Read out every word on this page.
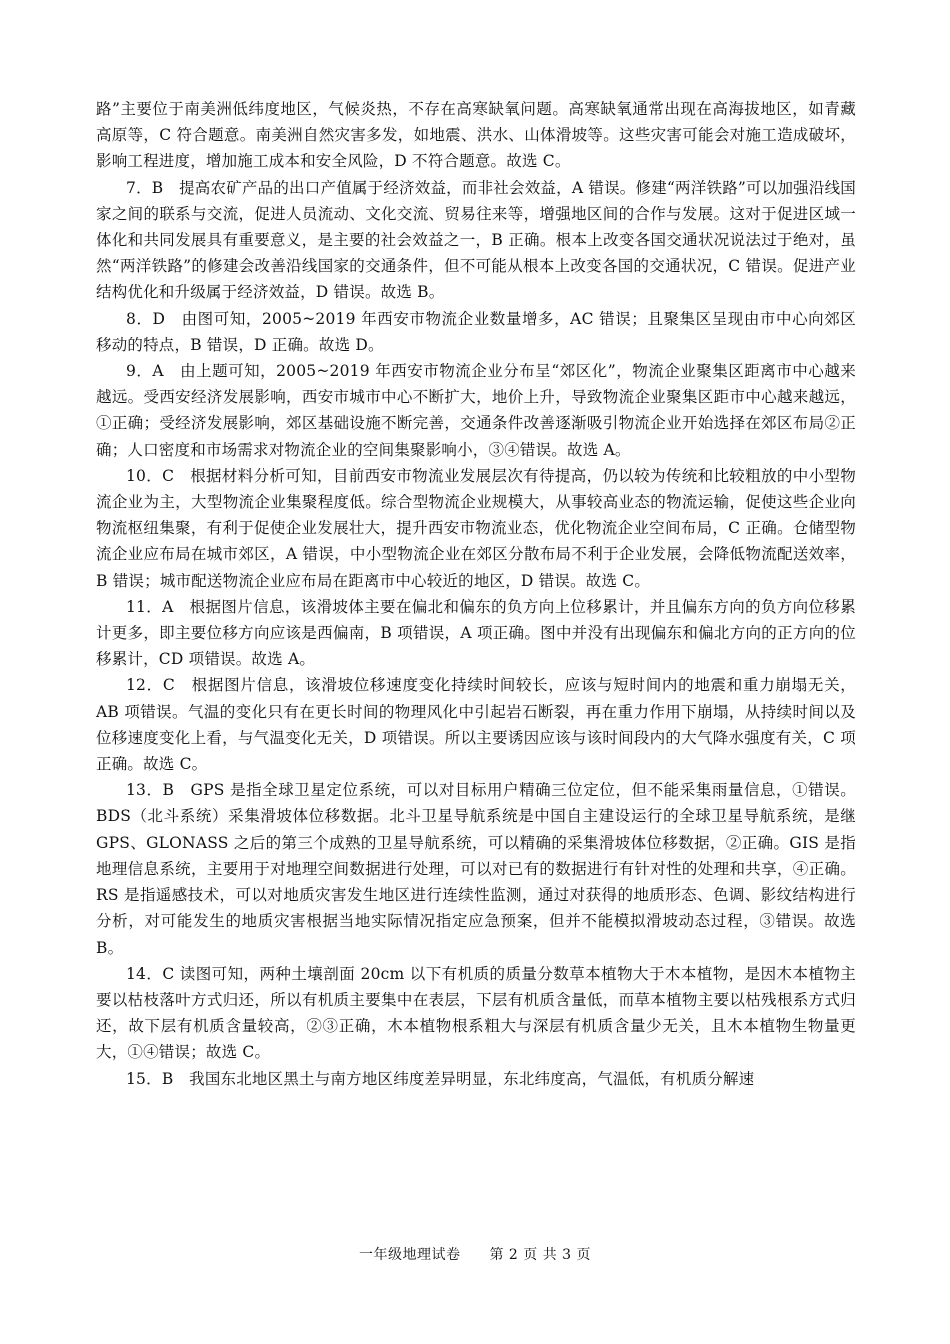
路”主要位于南美洲低纬度地区，气候炎热，不存在高寒缺氧问题。高寒缺氧通常出现在高海拔地区，如青藏高原等，C 符合题意。南美洲自然灾害多发，如地震、洪水、山体滑坡等。这些灾害可能会对施工造成破坏，影响工程进度，增加施工成本和安全风险，D 不符合题意。故选 C。

7．B　提高农矿产品的出口产值属于经济效益，而非社会效益，A 错误。修建“两洋铁路”可以加强沿线国家之间的联系与交流，促进人员流动、文化交流、贸易往来等，增强地区间的合作与发展。这对于促进区域一体化和共同发展具有重要意义，是主要的社会效益之一，B 正确。根本上改变各国交通状况说法过于绝对，虽然“两洋铁路”的修建会改善沿线国家的交通条件，但不可能从根本上改变各国的交通状况，C 错误。促进产业结构优化和升级属于经济效益，D 错误。故选 B。

8．D　由图可知，2005~2019 年西安市物流企业数量增多，AC 错误；且聚集区呈现由市中心向郊区移动的特点，B 错误，D 正确。故选 D。

9．A　由上题可知，2005~2019 年西安市物流企业分布呈“郊区化”，物流企业聚集区距离市中心越来越远。受西安经济发展影响，西安市城市中心不断扩大，地价上升，导致物流企业聚集区距市中心越来越远，①正确；受经济发展影响，郊区基础设施不断完善，交通条件改善逐渐吸引物流企业开始选择在郊区布局②正确；人口密度和市场需求对物流企业的空间集聚影响小，③④错误。故选 A。

10．C　根据材料分析可知，目前西安市物流业发展层次有待提高，仍以较为传统和比较粗放的中小型物流企业为主，大型物流企业集聚程度低。综合型物流企业规模大，从事较高业态的物流运输，促使这些企业向物流枢纽集聚，有利于促使企业发展壮大，提升西安市物流业态，优化物流企业空间布局，C 正确。仓储型物流企业应布局在城市郊区，A 错误，中小型物流企业在郊区分散布局不利于企业发展，会降低物流配送效率，B 错误；城市配送物流企业应布局在距离市中心较近的地区，D 错误。故选 C。

11．A　根据图片信息，该滑坡体主要在偏北和偏东的负方向上位移累计，并且偏东方向的负方向位移累计更多，即主要位移方向应该是西偏南，B 项错误，A 项正确。图中并没有出现偏东和偏北方向的正方向的位移累计，CD 项错误。故选 A。

12．C　根据图片信息，该滑坡位移速度变化持续时间较长，应该与短时间内的地震和重力崩塌无关，AB 项错误。气温的变化只有在更长时间的物理风化中引起岩石断裂，再在重力作用下崩塌，从持续时间以及位移速度变化上看，与气温变化无关，D 项错误。所以主要诱因应该与该时间段内的大气降水强度有关，C 项正确。故选 C。

13．B　GPS 是指全球卫星定位系统，可以对目标用户精确三位定位，但不能采集雨量信息，①错误。BDS（北斗系统）采集滑坡体位移数据。北斗卫星导航系统是中国自主建设运行的全球卫星导航系统，是继 GPS、GLONASS 之后的第三个成熟的卫星导航系统，可以精确的采集滑坡体位移数据，②正确。GIS 是指地理信息系统，主要用于对地理空间数据进行处理，可以对已有的数据进行有针对性的处理和共享，④正确。RS 是指遥感技术，可以对地质灾害发生地区进行连续性监测，通过对获得的地质形态、色调、影纹结构进行分析，对可能发生的地质灾害根据当地实际情况指定应急预案，但并不能模拟滑坡动态过程，③错误。故选 B。

14．C 读图可知，两种土壤剖面 20cm 以下有机质的质量分数草本植物大于木本植物，是因木本植物主要以枯枝落叶方式归还，所以有机质主要集中在表层，下层有机质含量低，而草本植物主要以枯残根系方式归还，故下层有机质含量较高，②③正确，木本植物根系粗大与深层有机质含量少无关，且木本植物生物量更大，①④错误；故选 C。

15．B　我国东北地区黑土与南方地区纬度差异明显，东北纬度高，气温低，有机质分解速

一年级地理试卷　　第 2 页 共 3 页
